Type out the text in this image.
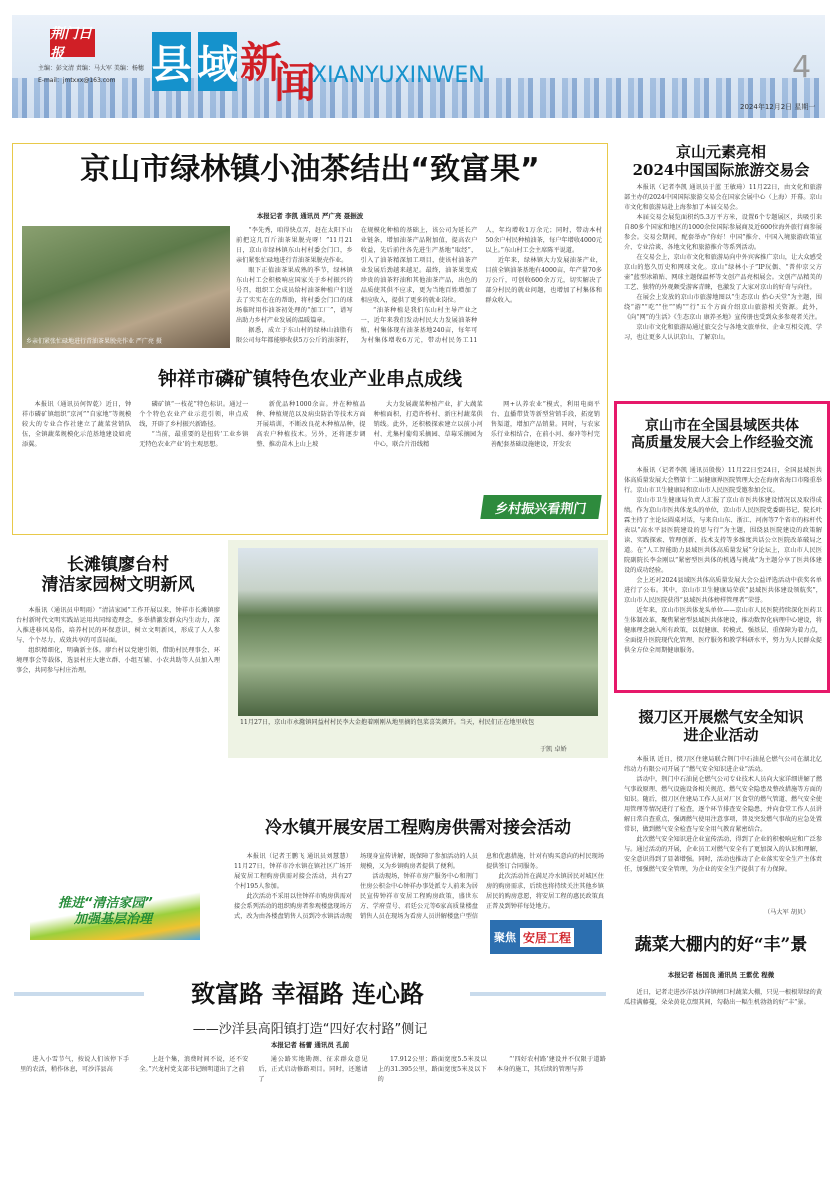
荆门日报
主编：彭文清 责编：马大军 美编：杨穗
E-mail：jmtxxx@163.com 县 域 新
闻
XIANYUXINWEN	4
2024年12月2日 星期一
京山市绿林镇小油茶结出“致富果”
本报记者 李凯 通讯员 严广亮 聂振波
乡亲们紧张忙碌地进行青油茶果脱壳作业 严广亮 摄

“李先秀，咱得快点弄，赶在太阳下山前把这几百斤油茶果脱壳呀！”11月21日，京山市绿林镇东山村村委会门口，乡亲们紧张忙碌地进行青油茶果脱壳作业。

眼下正值油茶果成熟的季节，绿林镇东山村工会积极响应国家关于乡村振兴的号召，组织工会成员给村油茶种植户们送去了实实在在的帮助，将村委会门口的球场临时用作油茶初处理的“加工厂”，谱写出助力乡村产业发展的温暖篇章。

据悉，成立于东山村的绿林山油脂有限公司每年都能够收获5万公斤的油茶籽，在规模化种植的基础上，该公司为延长产业链条，增加油茶产品附加值，提高农户收益，先后前往各先进生产基地“取经”，引入了油茶精深加工项目，使该村油茶产业发展后劲越来越足。最终，油茶果变成珍贵的油茶籽油和其他油茶产品，出色的品质使其供不应求，更为当地百姓增加了相应收入，提供了更多的就业岗位。

“油茶种植是我们东山村主导产业之一，近年来我们发动村民大力发展油茶种植，村集体现有油茶基地240亩，每年可为村集体增收6万元，带动村民务工11人，年均增收1万余元；同时，带动本村50余户村民种植油茶，每户年增收4000元以上。”东山村工会主席陈平说道。

近年来，绿林镇大力发展油茶产业，目前全镇油茶基地有4000亩，年产量70多万公斤，可创收600余万元，切实解决了部分村民的就业问题，也增加了村集体和群众收入。

钟祥市磷矿镇特色农业产业串点成线

本报讯（通讯员何智乾）近日，钟祥市磷矿镇组织“京河”“自家地”等规模较大的专业合作社建立了蔬菜营销队伍，全镇蔬菜规模化示范基地建设如虎添翼。

磷矿镇“一枝花”特色标识。通过一个个特色农业产业示范引领，串点成线，开辟了乡村振兴新路径。

“当前，最重要的是扭转‘工业乡镇无特色农业产业’的主观思想。

新优品种1000余亩。并在种植品种、种植规范以及病虫防治等技术方面开展培训，不断改良花木种植品种，提高农户种植技术。另外，还将逐步调整、推动苗木上山上坡

大力发展蔬菜种植产业，扩大蔬菜种植面积，打造许桥村、新庄村蔬菜供销线。此外，还积极探索建立以前小河村、尤集村葡萄采摘园、草莓采摘园为中心，联合片沿线精

网+认养农业”模式，利用电商平台、直播带货等新型营销手段，拓宽销售渠道，增加产品销量。同时，与农家乐行业相结合，在前小河、秦冲等村完善配套基础设施建设，开发农

乡村振兴看荆门
长滩镇廖台村
清洁家园树文明新风

本报讯（通讯员申明雨）“清洁家园”工作开展以来，钟祥市长滩镇廖台村新时代文明实践站运用共同缔造理念，多举措激发群众内生动力，深入推进移风易俗，培养村民的环保意识，树立文明新风，形成了人人参与、个个尽力、成效共享的可喜局面。

组织精细化，明确新主体。廖台村以党建引领，借助村民理事会、环境理事会等载体，选县村庄大建立群、小组互辅、小农共助等人员加入理事会，共同参与村庄治理。

推进“清洁家园”
加强基层治理
11月27日，京山市永漋镇同益村村民李大金抱着刚刚从地里摘的包菜喜笑颜开。当天，村民们正在地里收包
于凯 卓娇
冷水镇开展安居工程购房供需对接会活动

本报讯（记者王鹏飞 通讯员刘慧慧）11月27日，钟祥市冷水镇在镇社区广场开展安居工程购房供需对接会活动，共有27个村195人参加。

此次活动不采用以往钟祥市购房供需对接会系列活动的组织购房者参观楼盘现场方式，改为由各楼盘销售人员到冷水镇活动现场现身宣传讲解，既保障了参加活动的人员规模，又为乡镇购房者提供了便利。

活动现场，钟祥市房产服务中心和荆门住房公积金中心钟祥办事处派专人前来为居民宣传钟祥市安居工程购房政策，盛世东方、学府壹号、君廷公元等6家高质量楼盘销售人员在现场为看房人员讲解楼盘户型信息和优惠措施，针对有购买意向的村民现场提供签订合同服务。

此次活动旨在满足冷水镇居民对城区住房的购房需求，后续也将持续关注其他乡镇居民的购房意愿，将安居工程的惠民政策真正普及到钟祥每处地方。

聚焦 安居工程
致富路 幸福路 连心路
——沙洋县高阳镇打造“四好农村路”侧记
本报记者 杨蕾 通讯员 孔前

进入小雪节气，按说人们该停下手里的农活，稍作休息，可沙洋县高

上赶个集，浪费时间不说，还不安全。”兴龙村党支部书记顾明道出了之前

通公路实地勘测、征求群众意见后，正式启动修路项目。同时，还邀请了

17.912公里；路面宽度5.5米及以上的31.395公里，路面宽度5米及以下的

“‘四好农村路’建设并不仅限于道路本身的施工，其后续的管理与养

京山元素亮相
2024中国国际旅游交易会

本报讯（记者李凯 通讯员于蓝 王敏琦）11月22日，由文化和旅游部主办的2024中国国际旅游交易会在国家会展中心（上海）开幕。京山市文化和旅游局赴上海参加了本届交易会。

本届交易会展览面积约5.3万平方米，设置6个专题展区，共吸引来自80多个国家和地区的1000余位国际参展商及近600位海外旅行商参展参会。交易会期间，配套举办“你好！中国”推介、中国入境旅游政策宣介、专业洽谈、各地文化和旅游推介等系列活动。

在交易会上，京山市文化和旅游局向中外宾客推广京山，让大众感受京山的悠久历史和网球文化。京山“绿林小子”IP玩偶、“普仲京父方壶”蓝型冰箱贴、网球主题保温杯等文创产品亮相展会。文创产品精美的工艺、独特的外观颇受游客青睐，也激发了大家对京山的好奇与向往。

在展会上发放的京山市旅游地图以“生态京山 抬心天堂”为主题，围绕“游”“吃”“住”“购”“行”五个方面介绍京山旅游相关资源。此外，《向“网”的生活》《生态京山 康养圣地》宣传册也受到众多参观者关注。

京山市文化和旅游局通过旅交会与各地文旅单位、企业互相交流、学习，也让更多人认识京山、了解京山。

京山市在全国县域医共体
高质量发展大会上作经验交流

本报讯（记者李凯 通讯员殷俊）11月22日至24日，全国县域医共体高质量发展大会暨第十二届健康界医院管理大会在海南省海口市隆重举行。京山市卫生健康局和京山市人民医院受邀参加会议。

京山市卫生健康局负责人汇报了京山市医共体建设情况以及取得成绩。作为京山市医共体龙头的单位，京山市人民医院党委副书记、院长叶霖主持了主论坛圆桌对话，与来自山东、浙江、河南等7个省市的标杆代表以“高水平县医院建设的思与行”为主题，围绕县医院建设的政策解读、实践探索、管理创新、技术支持等多维度共话公立医院改革破局之道。在“人工智能助力县域医共体高质量发展”分论坛上，京山市人民医院副院长李金刚以“紧密型医共体的机遇与挑战”为主题分享了医共体建设的成功经验。

会上还对2024县域医共体高质量发展大会公益评选活动中获奖名单进行了公布。其中，京山市卫生健康局荣获“县域医共体建设领航奖”，京山市人民医院获得“县域医共体榜样管理者”荣誉。

近年来，京山市医共体龙头单位——京山市人民医院持续深化医药卫生体制改革，聚焦紧密型县域医共体建设，推动数智化病理中心建设，将健康理念融入所有政策，以促健康、转模式、强基层、重保障为着力点，全面提升医院现代化管理、医疗服务和教学科研水平，努力为人民群众提供全方位全周期健康服务。

掇刀区开展燃气安全知识
进企业活动

本报讯 近日，掇刀区住建局联合荆门中石油昆仑燃气公司在湖北亿纬动力有限公司开展了“燃气安全知识进企业”活动。

活动中，荆门中石油昆仑燃气公司专业技术人员向大家详细讲解了燃气事故原理、燃气设施设备相关规范、燃气安全隐患及整改措施等方面的知识。随后，掇刀区住建局工作人员对厂区食堂的燃气管道、燃气安全使用管理等情况进行了检查，逐个环节排查安全隐患，并向食堂工作人员讲解日常自查重点，强调燃气使用注意事项，普及突发燃气事故的应急处置常识，做到燃气安全检查与安全用气教育紧密结合。

此次燃气安全知识进企业宣传活动，得到了企业的积极响应和广泛参与。通过活动的开展，企业员工对燃气安全有了更加深入的认识和理解，安全意识得到了显著增强。同时，活动也推动了企业落实安全生产主体责任，加强燃气安全管理，为企业的安全生产提供了有力保障。

（马大军 胡贝）
蔬菜大棚内的好“丰”景
本报记者 杨国良 通讯员 王紫优 程微

近日，记者走进沙洋县沙洋镇闸口村蔬菜大棚，只见一根根翠绿的黄瓜挂满藤蔓，朵朵黄花点缀其间，勾勒出一幅生机勃勃的好“丰”景。
